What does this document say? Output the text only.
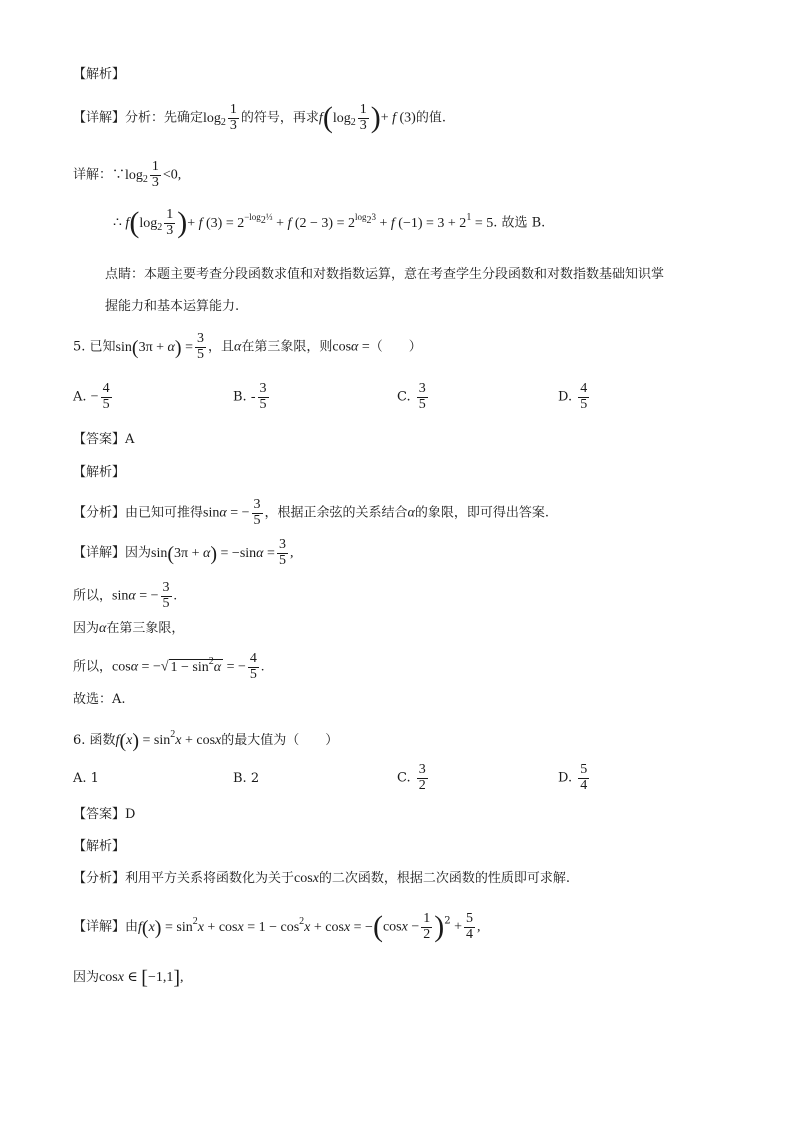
【解析】
【详解】分析：先确定$\log_2 \frac{1}{3}$ 的符号，再求$f(\log_2 \frac{1}{3}$ )+ f (3)的值.
详解：$\because\log_2 \frac{1}{3} <0$,
∴ $f(\log_2 \frac{1}{3}$ )+ f $(3) = 2^{-log_2\frac{1}{3}} + f$ $(2 - 3) = 2^{log_23} + f$ $(-1) = 3 + 2^1 = 5$. 故选 B.
点睛：本题主要考查分段函数求值和对数指数运算，意在考查学生分段函数和对数指数基础知识掌
握能力和基本运算能力.
5. 已知$\sin(3\pi + \alpha) = \frac{3}{5}$ ，且α在第三象限，则cosα =（　　）
A. − $\frac{4}{5}$	B. - $\frac{3}{5}$	C. $\frac{3}{5}$	D. $\frac{4}{5}$
【答案】A
【解析】
【分析】由已知可推得sinα = − $\frac{3}{5}$ ，根据正余弦的关系结合α的象限，即可得出答案.
【详解】因为$\sin(3\pi + \alpha) = -\sin\alpha = \frac{3}{5}$ ,
所以，sinα = − $\frac{3}{5}$ .
因为α在第三象限，
所以，cosα = −√ $1 - \sin^2\alpha$ = − $\frac{4}{5}$ .
故选：A.
6. 函数$f(x) = \sin^2x + \cos x$的最大值为（　　）
A. 1	B. 2	C. $\frac{3}{2}$	D. $\frac{5}{4}$
【答案】D
【解析】
【分析】利用平方关系将函数化为关于cosx的二次函数，根据二次函数的性质即可求解.
【详解】由$f(x) = \sin^2x + \cos x = 1 - \cos^2x + \cos x = -(\cos x - \frac{1}{2} )^2 + \frac{5}{4}$ ,
因为cosx ∈ [−1,1],
